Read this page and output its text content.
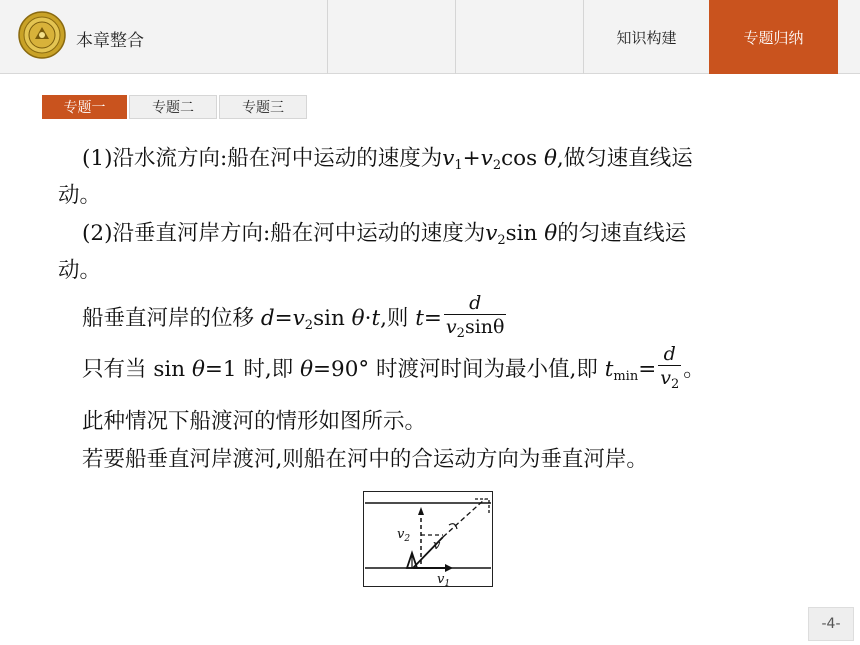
本章整合	知识构建	专题归纳
专题一	专题二	专题三
(1)沿水流方向:船在河中运动的速度为$v_1+v_2\cos$ θ,做匀速直线运
动。
(2)沿垂直河岸方向:船在河中运动的速度为$v_2\sin$ θ的匀速直线运
动。
船垂直河岸的位移 $d=v_2\sin$ θ·t,则 $t= \frac{d}{v_2\sin\theta}$
只有当 sin θ=1 时,即 θ=90° 时渡河时间为最小值,即 $t_{min}= \frac{d}{v_2}$ 。
此种情况下船渡河的情形如图所示。
若要船垂直河岸渡河,则船在河中的合运动方向为垂直河岸。
$v_2$
$v_1$
v
-4-
